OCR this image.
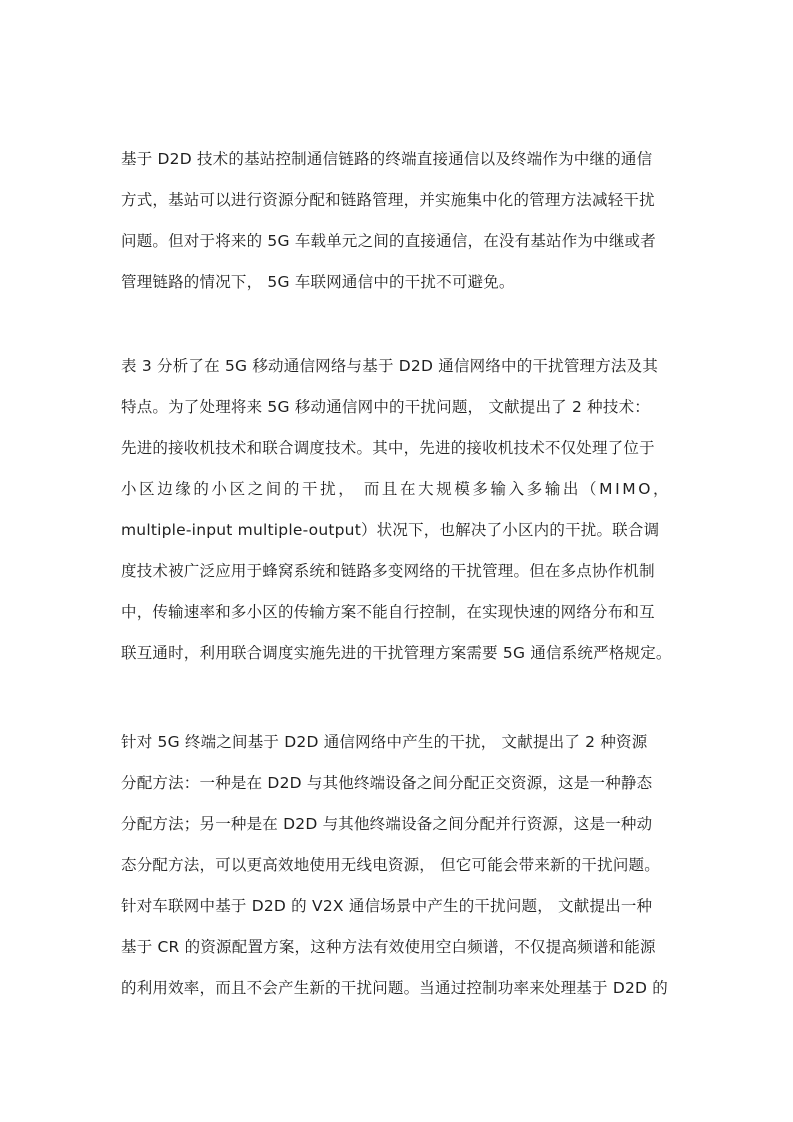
基于 D2D 技术的基站控制通信链路的终端直接通信以及终端作为中继的通信
方式，基站可以进行资源分配和链路管理，并实施集中化的管理方法减轻干扰
问题。但对于将来的 5G 车载单元之间的直接通信，在没有基站作为中继或者
管理链路的情况下， 5G 车联网通信中的干扰不可避免。
表 3 分析了在 5G 移动通信网络与基于 D2D 通信网络中的干扰管理方法及其
特点。为了处理将来 5G 移动通信网中的干扰问题， 文献提出了 2 种技术：
先进的接收机技术和联合调度技术。其中，先进的接收机技术不仅处理了位于
小区边缘的小区之间的干扰， 而且在大规模多输入多输出（MIMO，
multiple-input multiple-output）状况下，也解决了小区内的干扰。联合调
度技术被广泛应用于蜂窝系统和链路多变网络的干扰管理。但在多点协作机制
中，传输速率和多小区的传输方案不能自行控制，在实现快速的网络分布和互
联互通时，利用联合调度实施先进的干扰管理方案需要 5G 通信系统严格规定。
针对 5G 终端之间基于 D2D 通信网络中产生的干扰， 文献提出了 2 种资源
分配方法：一种是在 D2D 与其他终端设备之间分配正交资源，这是一种静态
分配方法；另一种是在 D2D 与其他终端设备之间分配并行资源，这是一种动
态分配方法，可以更高效地使用无线电资源， 但它可能会带来新的干扰问题。
针对车联网中基于 D2D 的 V2X 通信场景中产生的干扰问题， 文献提出一种
基于 CR 的资源配置方案，这种方法有效使用空白频谱，不仅提高频谱和能源
的利用效率，而且不会产生新的干扰问题。当通过控制功率来处理基于 D2D 的
